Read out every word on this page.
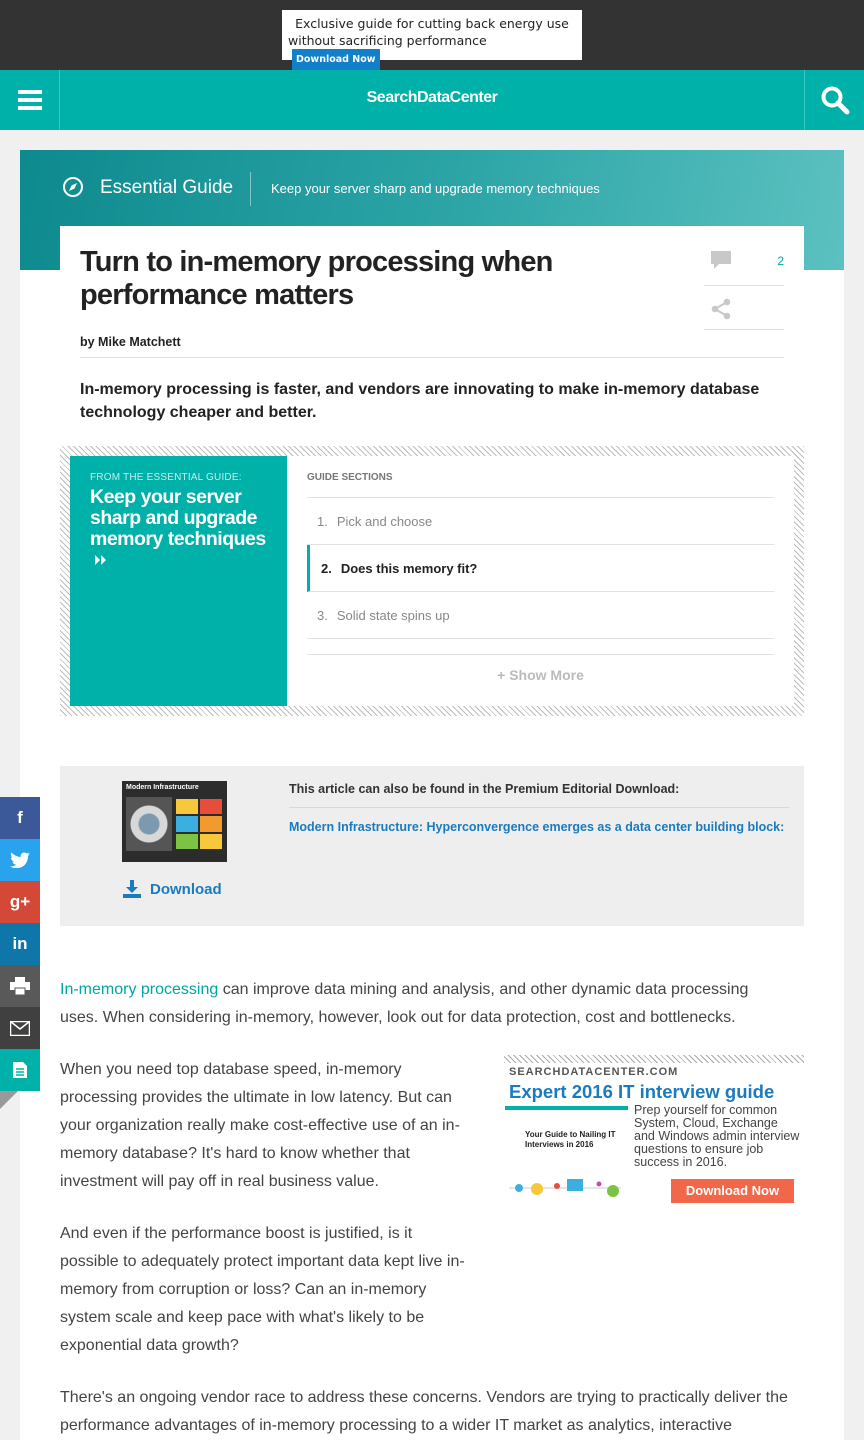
Exclusive guide for cutting back energy use
without sacrificing performanceDownload Now
SearchDataCenter
Essential Guide	Keep your server sharp and upgrade memory techniques
Turn to in-memory processing when performance matters
by Mike Matchett
2

In-memory processing is faster, and vendors are innovating to make in-memory database technology cheaper and better.

FROM THE ESSENTIAL GUIDE:
Keep your server sharp and upgrade memory techniques
GUIDE SECTIONS
1. Pick and choose
2. Does this memory fit?
3. Solid state spins up
+ Show More
Modern Infrastructure
Download
This article can also be found in the Premium Editorial Download:
Modern Infrastructure: Hyperconvergence emerges as a data center building block:

In-memory processing can improve data mining and analysis, and other dynamic data processing uses. When considering in-memory, however, look out for data protection, cost and bottlenecks.

When you need top database speed, in-memory processing provides the ultimate in low latency. But can your organization really make cost-effective use of an in-memory database? It's hard to know whether that investment will pay off in real business value.

And even if the performance boost is justified, is it possible to adequately protect important data kept live in-memory from corruption or loss? Can an in-memory system scale and keep pace with what's likely to be exponential data growth?

There's an ongoing vendor race to address these concerns. Vendors are trying to practically deliver the performance advantages of in-memory processing to a wider IT market as analytics, interactive

SEARCHDATACENTER.COM
Expert 2016 IT interview guide
Your Guide to Nailing IT Interviews in 2016
Prep yourself for common System, Cloud, Exchange and Windows admin interview questions to ensure job success in 2016.
Download Now
f
g+
in
